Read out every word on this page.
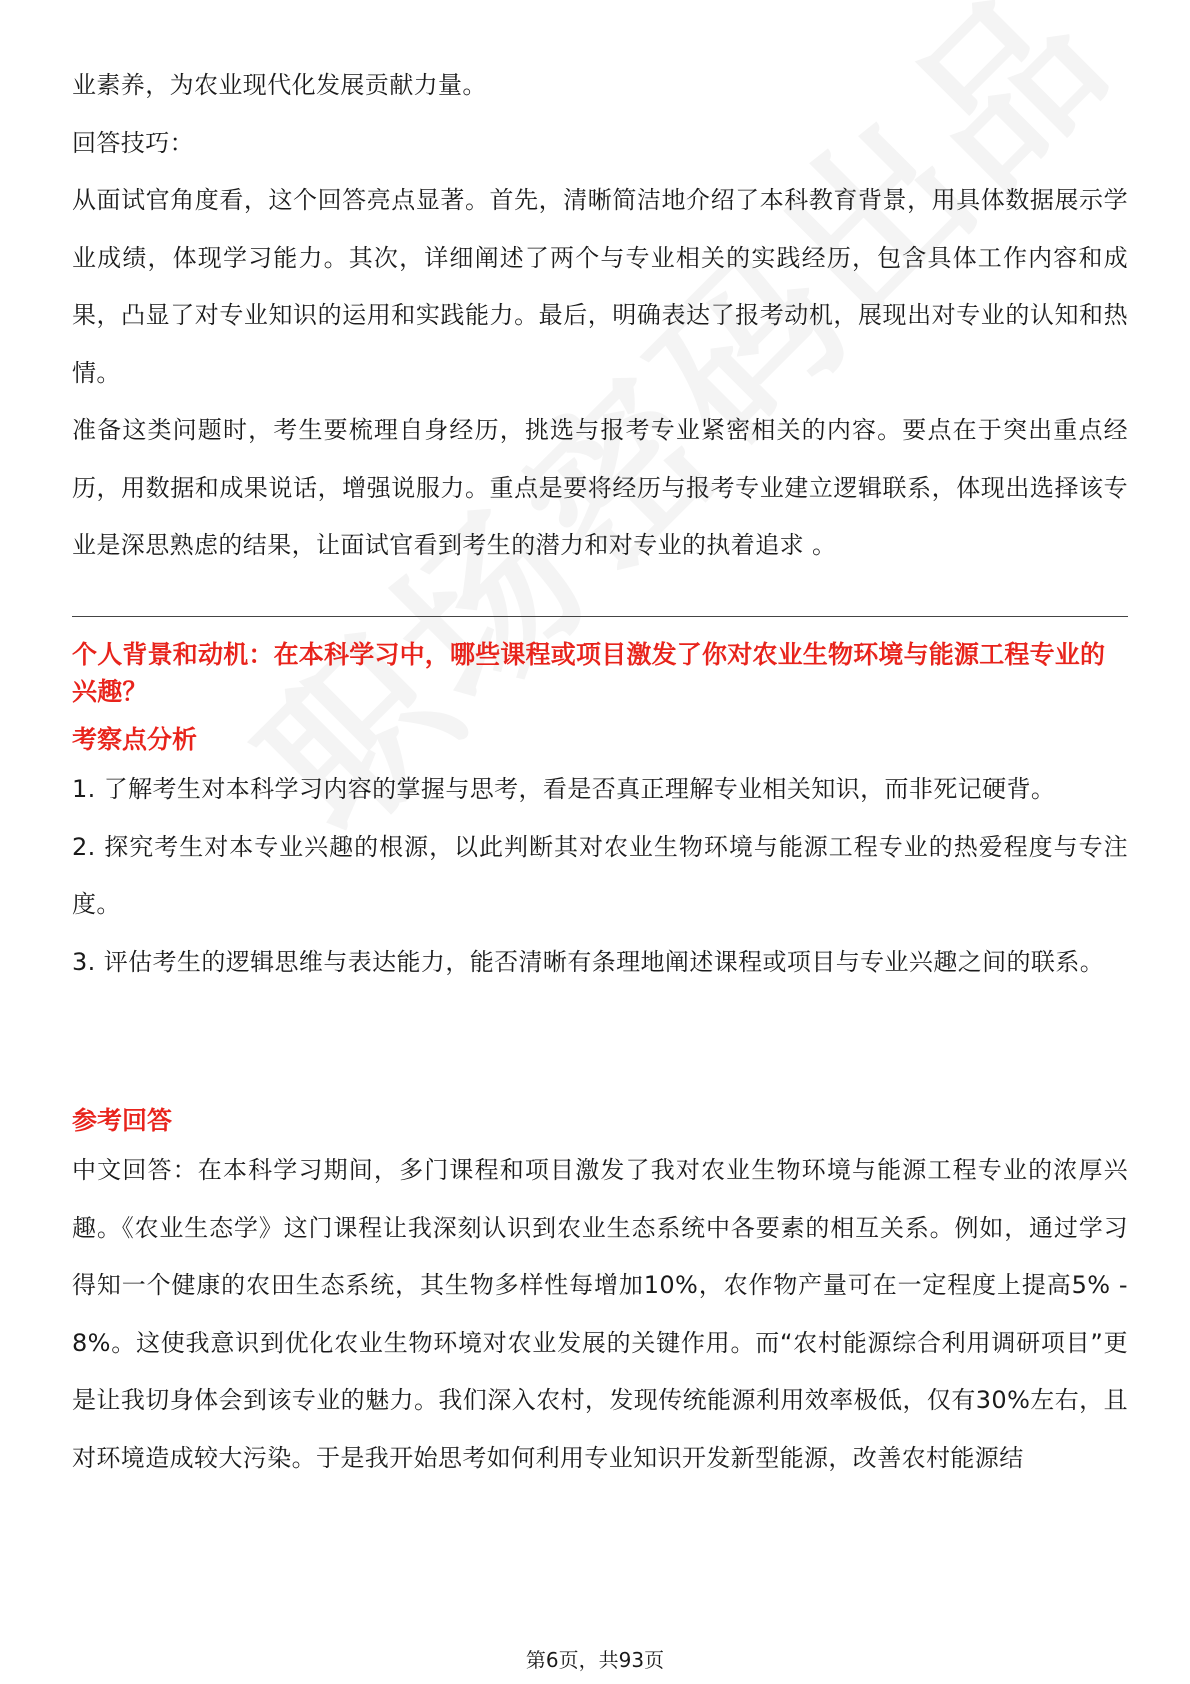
业素养，为农业现代化发展贡献力量。

回答技巧：

从面试官角度看，这个回答亮点显著。首先，清晰简洁地介绍了本科教育背景，用具体数据展示学业成绩，体现学习能力。其次，详细阐述了两个与专业相关的实践经历，包含具体工作内容和成果，凸显了对专业知识的运用和实践能力。最后，明确表达了报考动机，展现出对专业的认知和热情。

准备这类问题时，考生要梳理自身经历，挑选与报考专业紧密相关的内容。要点在于突出重点经历，用数据和成果说话，增强说服力。重点是要将经历与报考专业建立逻辑联系，体现出选择该专业是深思熟虑的结果，让面试官看到考生的潜力和对专业的执着追求 。

个人背景和动机：在本科学习中，哪些课程或项目激发了你对农业生物环境与能源工程专业的兴趣？

考察点分析

1. 了解考生对本科学习内容的掌握与思考，看是否真正理解专业相关知识，而非死记硬背。

2. 探究考生对本专业兴趣的根源，以此判断其对农业生物环境与能源工程专业的热爱程度与专注度。

3. 评估考生的逻辑思维与表达能力，能否清晰有条理地阐述课程或项目与专业兴趣之间的联系。

参考回答

中文回答：在本科学习期间，多门课程和项目激发了我对农业生物环境与能源工程专业的浓厚兴趣。《农业生态学》这门课程让我深刻认识到农业生态系统中各要素的相互关系。例如，通过学习得知一个健康的农田生态系统，其生物多样性每增加10%，农作物产量可在一定程度上提高5% - 8%。这使我意识到优化农业生物环境对农业发展的关键作用。而“农村能源综合利用调研项目”更是让我切身体会到该专业的魅力。我们深入农村，发现传统能源利用效率极低，仅有30%左右，且对环境造成较大污染。于是我开始思考如何利用专业知识开发新型能源，改善农村能源结

第6页，共93页
